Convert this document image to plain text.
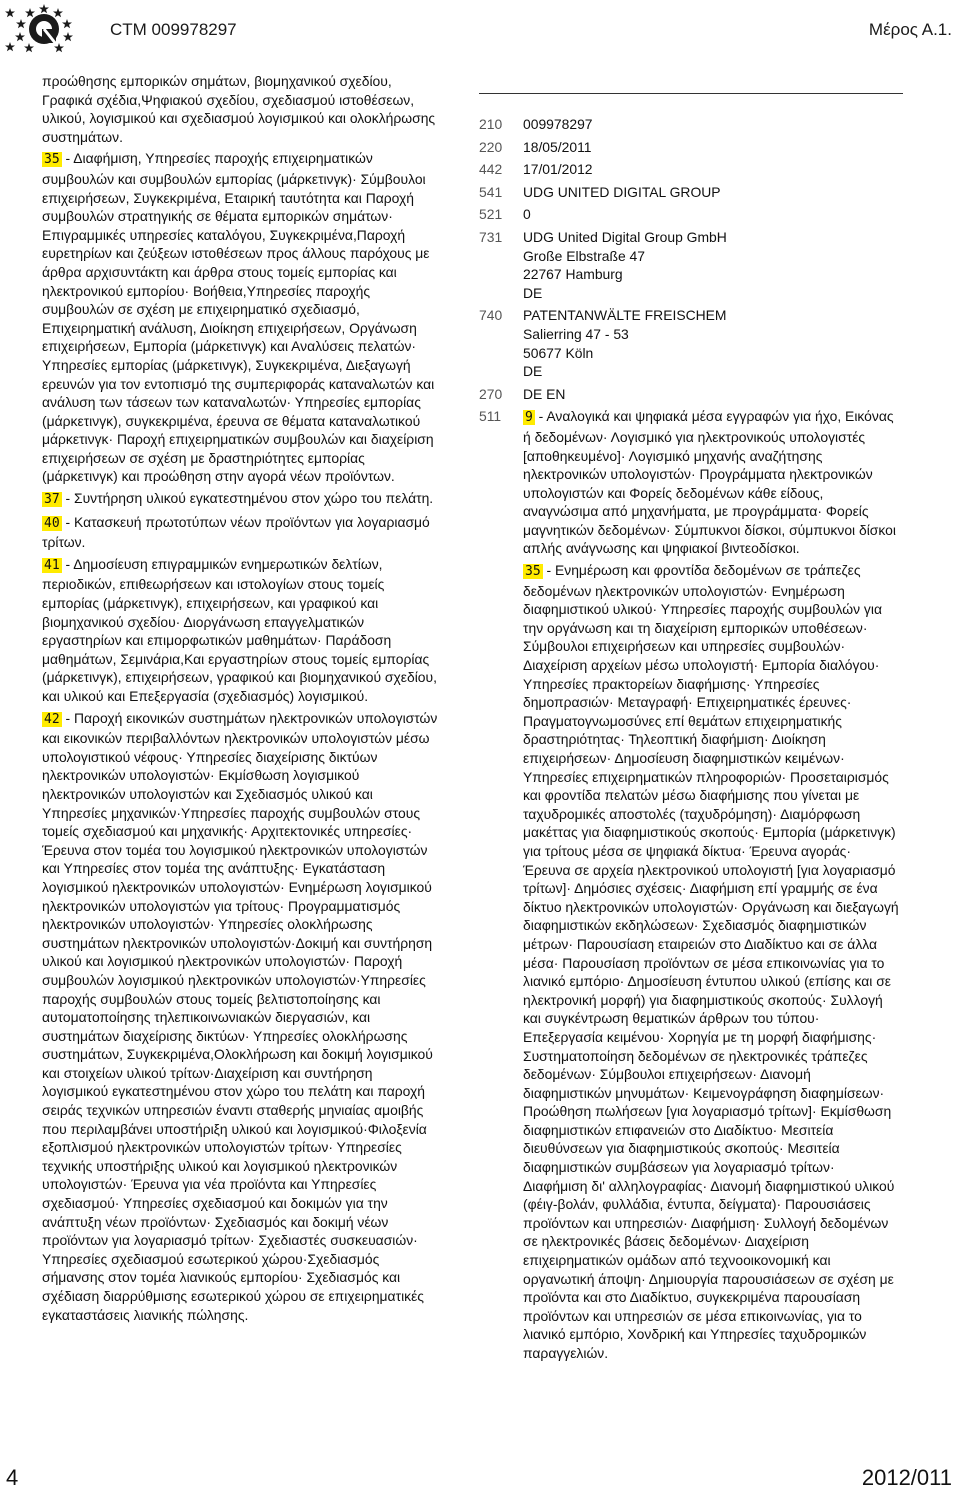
CTM 009978297	Μέρος Α.1.

προώθησης εμπορικών σημάτων, βιομηχανικού σχεδίου, Γραφικά σχέδια,Ψηφιακού σχεδίου, σχεδιασμού ιστοθέσεων, υλικού, λογισμικού και σχεδιασμού λογισμικού και ολοκλήρωσης συστημάτων.

35 - Διαφήμιση, Υπηρεσίες παροχής επιχειρηματικών συμβουλών και συμβουλών εμπορίας (μάρκετινγκ)· Σύμβουλοι επιχειρήσεων, Συγκεκριμένα, Εταιρική ταυτότητα και Παροχή συμβουλών στρατηγικής σε θέματα εμπορικών σημάτων· Επιγραμμικές υπηρεσίες καταλόγου, Συγκεκριμένα,Παροχή ευρετηρίων και ζεύξεων ιστοθέσεων προς άλλους παρόχους με άρθρα αρχισυντάκτη και άρθρα στους τομείς εμπορίας και ηλεκτρονικού εμπορίου· Βοήθεια,Υπηρεσίες παροχής συμβουλών σε σχέση με επιχειρηματικό σχεδιασμό, Επιχειρηματική ανάλυση, Διοίκηση επιχειρήσεων, Οργάνωση επιχειρήσεων, Εμπορία (μάρκετινγκ) και Αναλύσεις πελατών· Υπηρεσίες εμπορίας (μάρκετινγκ), Συγκεκριμένα, Διεξαγωγή ερευνών για τον εντοπισμό της συμπεριφοράς καταναλωτών και ανάλυση των τάσεων των καταναλωτών· Υπηρεσίες εμπορίας (μάρκετινγκ), συγκεκριμένα, έρευνα σε θέματα καταναλωτικού μάρκετινγκ· Παροχή επιχειρηματικών συμβουλών και διαχείριση επιχειρήσεων σε σχέση με δραστηριότητες εμπορίας (μάρκετινγκ) και προώθηση στην αγορά νέων προϊόντων.

37 - Συντήρηση υλικού εγκατεστημένου στον χώρο του πελάτη.

40 - Κατασκευή πρωτοτύπων νέων προϊόντων για λογαριασμό τρίτων.

41 - Δημοσίευση επιγραμμικών ενημερωτικών δελτίων, περιοδικών, επιθεωρήσεων και ιστολογίων στους τομείς εμπορίας (μάρκετινγκ), επιχειρήσεων, και γραφικού και βιομηχανικού σχεδίου· Διοργάνωση επαγγελματικών εργαστηρίων και επιμορφωτικών μαθημάτων· Παράδοση μαθημάτων, Σεμινάρια,Και εργαστηρίων στους τομείς εμπορίας (μάρκετινγκ), επιχειρήσεων, γραφικού και βιομηχανικού σχεδίου, και υλικού και Επεξεργασία (σχεδιασμός) λογισμικού.

42 - Παροχή εικονικών συστημάτων ηλεκτρονικών υπολογιστών και εικονικών περιβαλλόντων ηλεκτρονικών υπολογιστών μέσω υπολογιστικού νέφους· Υπηρεσίες διαχείρισης δικτύων ηλεκτρονικών υπολογιστών· Εκμίσθωση λογισμικού ηλεκτρονικών υπολογιστών και Σχεδιασμός υλικού και Υπηρεσίες μηχανικών·Υπηρεσίες παροχής συμβουλών στους τομείς σχεδιασμού και μηχανικής· Αρχιτεκτονικές υπηρεσίες· Έρευνα στον τομέα του λογισμικού ηλεκτρονικών υπολογιστών και Υπηρεσίες στον τομέα της ανάπτυξης· Εγκατάσταση λογισμικού ηλεκτρονικών υπολογιστών· Ενημέρωση λογισμικού ηλεκτρονικών υπολογιστών για τρίτους· Προγραμματισμός ηλεκτρονικών υπολογιστών· Υπηρεσίες ολοκλήρωσης συστημάτων ηλεκτρονικών υπολογιστών·Δοκιμή και συντήρηση υλικού και λογισμικού ηλεκτρονικών υπολογιστών· Παροχή συμβουλών λογισμικού ηλεκτρονικών υπολογιστών·Υπηρεσίες παροχής συμβουλών στους τομείς βελτιστοποίησης και αυτοματοποίησης τηλεπικοινωνιακών διεργασιών, και συστημάτων διαχείρισης δικτύων· Υπηρεσίες ολοκλήρωσης συστημάτων, Συγκεκριμένα,Ολοκλήρωση και δοκιμή λογισμικού και στοιχείων υλικού τρίτων·Διαχείριση και συντήρηση λογισμικού εγκατεστημένου στον χώρο του πελάτη και παροχή σειράς τεχνικών υπηρεσιών έναντι σταθερής μηνιαίας αμοιβής που περιλαμβάνει υποστήριξη υλικού και λογισμικού·Φιλοξενία εξοπλισμού ηλεκτρονικών υπολογιστών τρίτων· Υπηρεσίες τεχνικής υποστήριξης υλικού και λογισμικού ηλεκτρονικών υπολογιστών· Έρευνα για νέα προϊόντα και Υπηρεσίες σχεδιασμού· Υπηρεσίες σχεδιασμού και δοκιμών για την ανάπτυξη νέων προϊόντων· Σχεδιασμός και δοκιμή νέων προϊόντων για λογαριασμό τρίτων· Σχεδιαστές συσκευασιών· Υπηρεσίες σχεδιασμού εσωτερικού χώρου·Σχεδιασμός σήμανσης στον τομέα λιανικούς εμπορίου· Σχεδιασμός και σχέδιαση διαρρύθμισης εσωτερικού χώρου σε επιχειρηματικές εγκαταστάσεις λιανικής πώλησης.

210 009978297
220 18/05/2011
442 17/01/2012
541 UDG UNITED DIGITAL GROUP
521 0
731 UDG United Digital Group GmbH
Große Elbstraße 47
22767 Hamburg
DE
740 PATENTANWÄLTE FREISCHEM
Salierring 47 - 53
50677 Köln
DE
270 DE EN
511 9 - Αναλογικά και ψηφιακά μέσα εγγραφών για ήχο, Εικόνας ή δεδομένων· Λογισμικό για ηλεκτρονικούς υπολογιστές [αποθηκευμένο]· Λογισμικό μηχανής αναζήτησης ηλεκτρονικών υπολογιστών· Προγράμματα ηλεκτρονικών υπολογιστών και Φορείς δεδομένων κάθε είδους, αναγνώσιμα από μηχανήματα, με προγράμματα· Φορείς μαγνητικών δεδομένων· Σύμπυκνοι δίσκοι, σύμπυκνοι δίσκοι απλής ανάγνωσης και ψηφιακοί βιντεοδίσκοι.

35 - Ενημέρωση και φροντίδα δεδομένων σε τράπεζες δεδομένων ηλεκτρονικών υπολογιστών· Ενημέρωση διαφημιστικού υλικού· Υπηρεσίες παροχής συμβουλών για την οργάνωση και τη διαχείριση εμπορικών υποθέσεων· Σύμβουλοι επιχειρήσεων και υπηρεσίες συμβουλών· Διαχείριση αρχείων μέσω υπολογιστή· Εμπορία διαλόγου· Υπηρεσίες πρακτορείων διαφήμισης· Υπηρεσίες δημοπρασιών· Μεταγραφή· Επιχειρηματικές έρευνες· Πραγματογνωμοσύνες επί θεμάτων επιχειρηματικής δραστηριότητας· Τηλεοπτική διαφήμιση· Διοίκηση επιχειρήσεων· Δημοσίευση διαφημιστικών κειμένων· Υπηρεσίες επιχειρηματικών πληροφοριών· Προσεταιρισμός και φροντίδα πελατών μέσω διαφήμισης που γίνεται με ταχυδρομικές αποστολές (ταχυδρόμηση)· Διαμόρφωση μακέττας για διαφημιστικούς σκοπούς· Εμπορία (μάρκετινγκ) για τρίτους μέσα σε ψηφιακά δίκτυα· Έρευνα αγοράς· Έρευνα σε αρχεία ηλεκτρονικού υπολογιστή [για λογαριασμό τρίτων]· Δημόσιες σχέσεις· Διαφήμιση επί γραμμής σε ένα δίκτυο ηλεκτρονικών υπολογιστών· Οργάνωση και διεξαγωγή διαφημιστικών εκδηλώσεων· Σχεδιασμός διαφημιστικών μέτρων· Παρουσίαση εταιρειών στο Διαδίκτυο και σε άλλα μέσα· Παρουσίαση προϊόντων σε μέσα επικοινωνίας για το λιανικό εμπόριο· Δημοσίευση έντυπου υλικού (επίσης και σε ηλεκτρονική μορφή) για διαφημιστικούς σκοπούς· Συλλογή και συγκέντρωση θεματικών άρθρων του τύπου· Επεξεργασία κειμένου· Χορηγία με τη μορφή διαφήμισης· Συστηματοποίηση δεδομένων σε ηλεκτρονικές τράπεζες δεδομένων· Σύμβουλοι επιχειρήσεων· Διανομή διαφημιστικών μηνυμάτων· Κειμενογράφηση διαφημίσεων· Προώθηση πωλήσεων [για λογαριασμό τρίτων]· Εκμίσθωση διαφημιστικών επιφανειών στο Διαδίκτυο· Μεσιτεία διευθύνσεων για διαφημιστικούς σκοπούς· Μεσιτεία διαφημιστικών συμβάσεων για λογαριασμό τρίτων· Διαφήμιση δι' αλληλογραφίας· Διανομή διαφημιστικού υλικού (φέιγ-βολάν, φυλλάδια, έντυπα, δείγματα)· Παρουσιάσεις προϊόντων και υπηρεσιών· Διαφήμιση· Συλλογή δεδομένων σε ηλεκτρονικές βάσεις δεδομένων· Διαχείριση επιχειρηματικών ομάδων από τεχνοοικονομική και οργανωτική άποψη· Δημιουργία παρουσιάσεων σε σχέση με προϊόντα και στο Διαδίκτυο, συγκεκριμένα παρουσίαση προϊόντων και υπηρεσιών σε μέσα επικοινωνίας, για το λιανικό εμπόριο, Χονδρική και Υπηρεσίες ταχυδρομικών παραγγελιών.

4	2012/011
